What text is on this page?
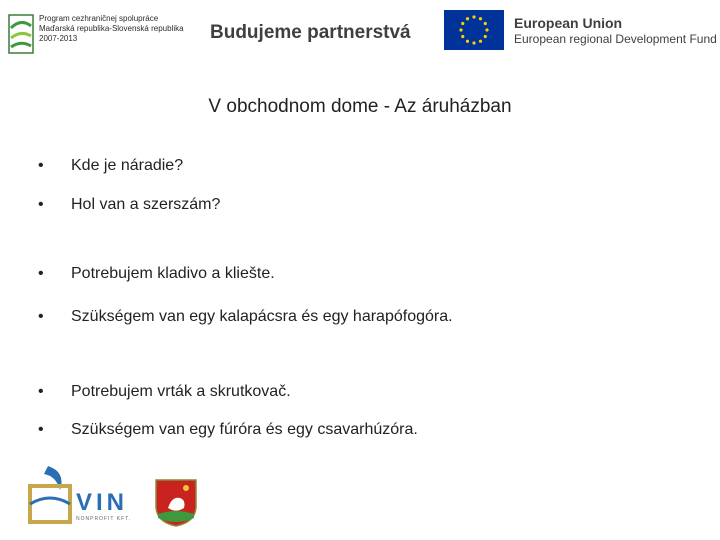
Program cezhraničnej spolupráce
Maďarská republika-Slovenská republika
2007-2013	Budujeme partnerstvá	European Union
European regional Development Fund
V obchodnom dome - Az áruházban
• Kde je náradie?
• Hol van a szerszám?
• Potrebujem kladivo a kliešte.
• Szükségem van egy kalapácsra és egy harapófogóra.
• Potrebujem vrták a skrutkovač.
• Szükségem van egy fúróra és egy csavarhúzóra.
VIN
NONPROFIT KFT.
